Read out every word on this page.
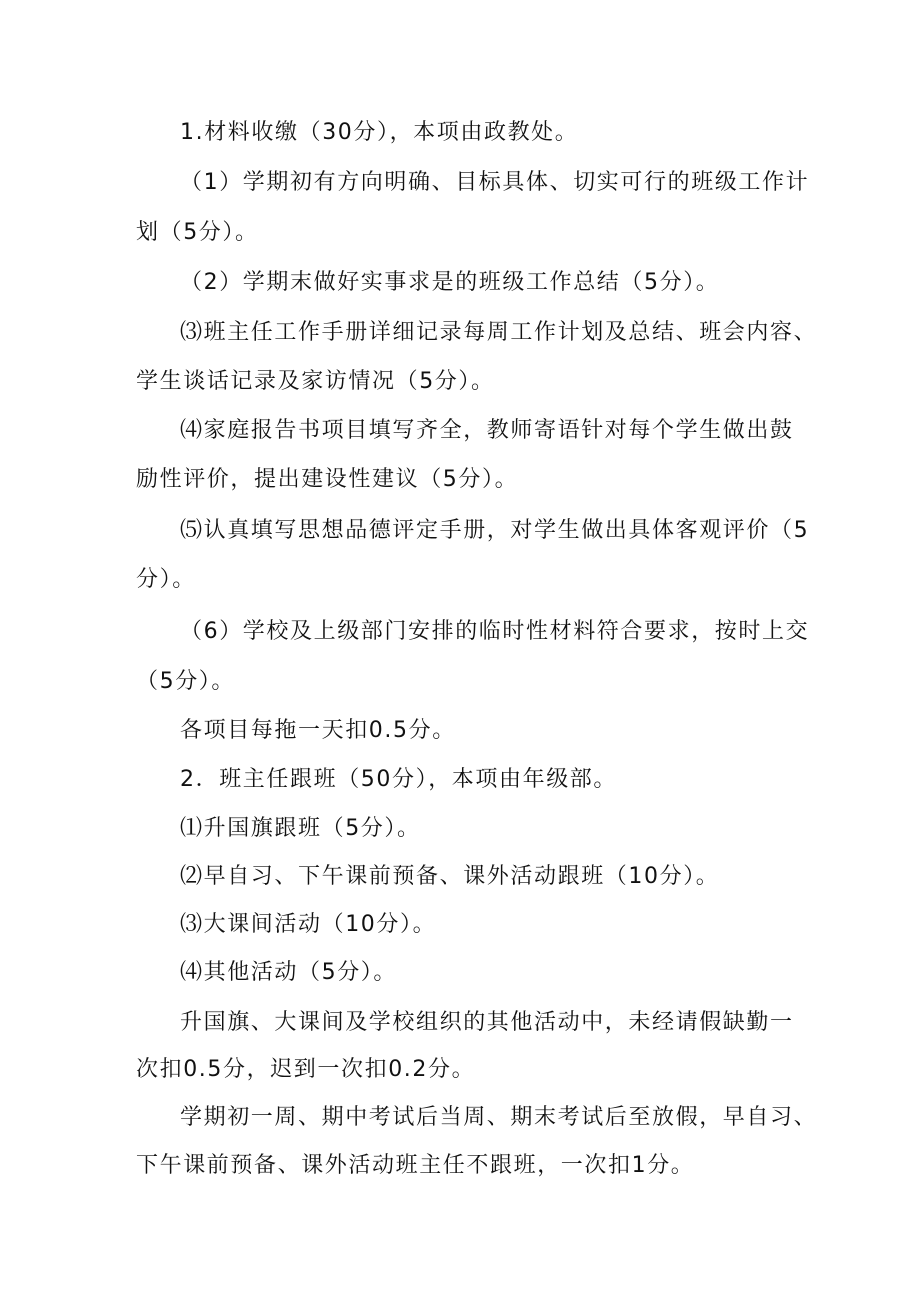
1.材料收缴（30分），本项由政教处。
（1）学期初有方向明确、目标具体、切实可行的班级工作计
划（5分）。
（2）学期末做好实事求是的班级工作总结（5分）。
⑶班主任工作手册详细记录每周工作计划及总结、班会内容、
学生谈话记录及家访情况（5分）。
⑷家庭报告书项目填写齐全，教师寄语针对每个学生做出鼓
励性评价，提出建设性建议（5分）。
⑸认真填写思想品德评定手册，对学生做出具体客观评价（5
分）。
（6）学校及上级部门安排的临时性材料符合要求，按时上交
（5分）。
各项目每拖一天扣0.5分。
2．班主任跟班（50分），本项由年级部。
⑴升国旗跟班（5分）。
⑵早自习、下午课前预备、课外活动跟班（10分）。
⑶大课间活动（10分）。
⑷其他活动（5分）。
升国旗、大课间及学校组织的其他活动中，未经请假缺勤一
次扣0.5分，迟到一次扣0.2分。
学期初一周、期中考试后当周、期末考试后至放假，早自习、
下午课前预备、课外活动班主任不跟班，一次扣1分。
